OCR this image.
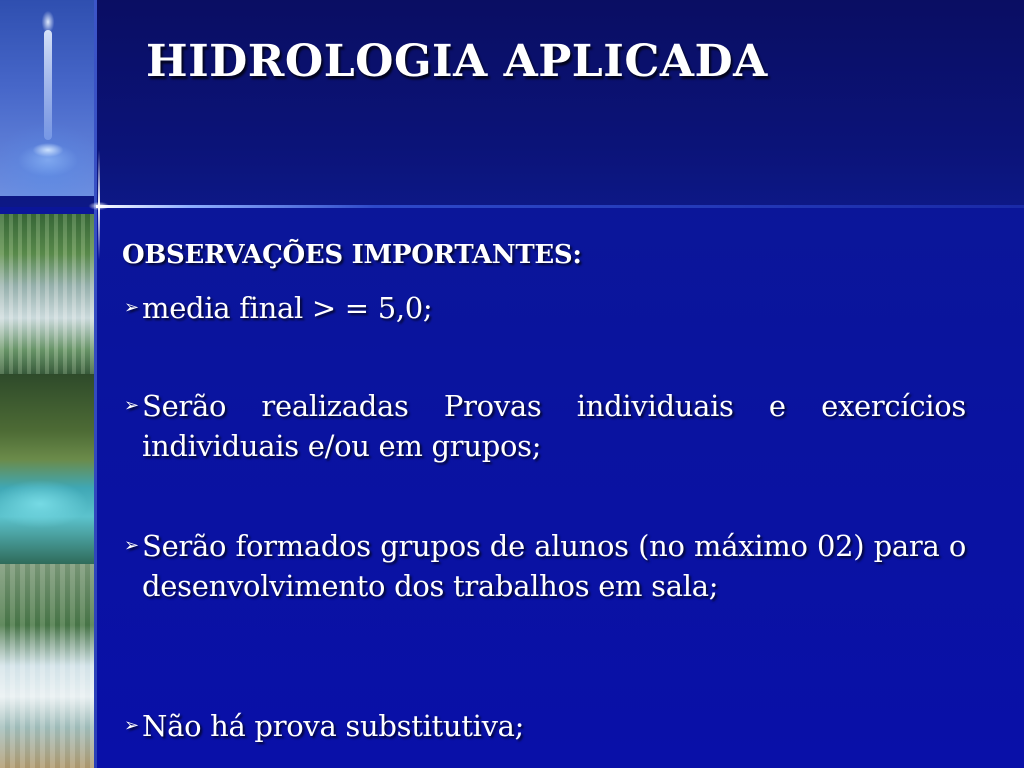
HIDROLOGIA APLICADA
OBSERVAÇÕES IMPORTANTES:
➢ media final > = 5,0;
➢ Serão realizadas Provas individuais e exercícios individuais e/ou em grupos;
➢ Serão formados grupos de alunos (no máximo 02) para o desenvolvimento dos trabalhos em sala;
➢ Não há prova substitutiva;
